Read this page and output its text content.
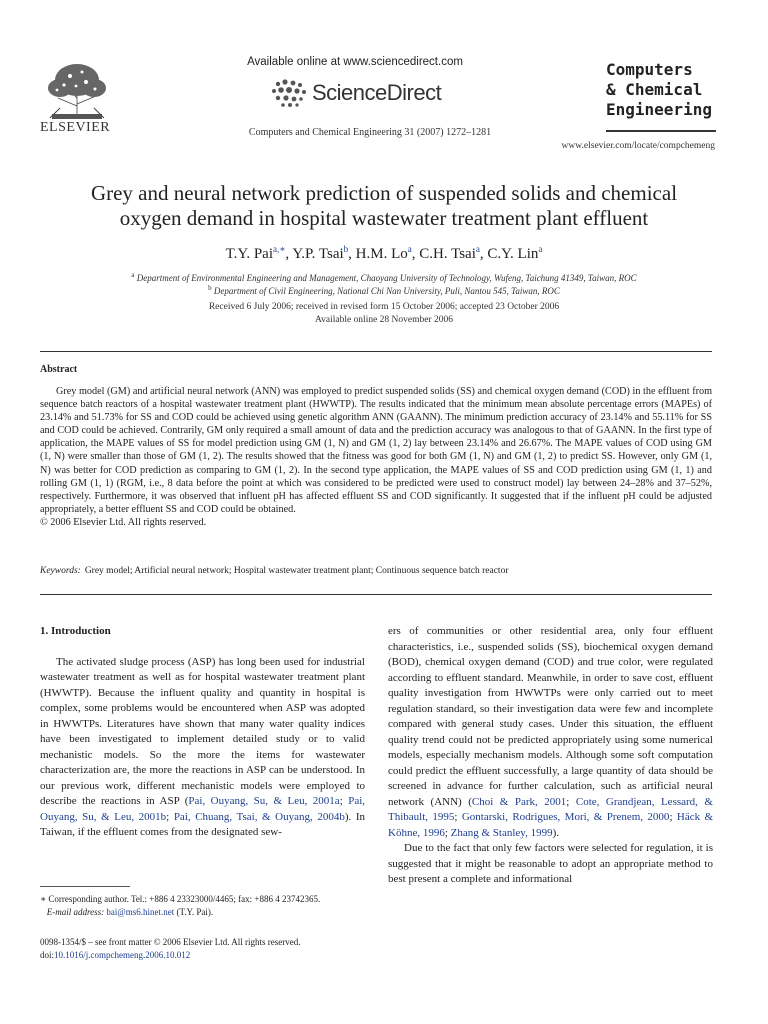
Available online at www.sciencedirect.com
ScienceDirect
ELSEVIER	Computers and Chemical Engineering 31 (2007) 1272–1281
Computers
& Chemical
Engineering
www.elsevier.com/locate/compchemeng
Grey and neural network prediction of suspended solids and chemical
oxygen demand in hospital wastewater treatment plant effluent
T.Y. Pai$^{a,∗}$, Y.P. Tsai$^b$, H.M. Lo$^a$, C.H. Tsai$^a$, C.Y. Lin$^a$
$^a$ Department of Environmental Engineering and Management, Chaoyang University of Technology, Wufeng, Taichung 41349, Taiwan, ROC
$^b$ Department of Civil Engineering, National Chi Nan University, Puli, Nantou 545, Taiwan, ROC
Received 6 July 2006; received in revised form 15 October 2006; accepted 23 October 2006
Available online 28 November 2006
Abstract

Grey model (GM) and artificial neural network (ANN) was employed to predict suspended solids (SS) and chemical oxygen demand (COD) in the effluent from sequence batch reactors of a hospital wastewater treatment plant (HWWTP). The results indicated that the minimum mean absolute percentage errors (MAPEs) of 23.14% and 51.73% for SS and COD could be achieved using genetic algorithm ANN (GAANN). The minimum prediction accuracy of 23.14% and 55.11% for SS and COD could be achieved. Contrarily, GM only required a small amount of data and the prediction accuracy was analogous to that of GAANN. In the first type of application, the MAPE values of SS for model prediction using GM (1, N) and GM (1, 2) lay between 23.14% and 26.67%. The MAPE values of COD using GM (1, N) were smaller than those of GM (1, 2). The results showed that the fitness was good for both GM (1, N) and GM (1, 2) to predict SS. However, only GM (1, N) was better for COD prediction as comparing to GM (1, 2). In the second type application, the MAPE values of SS and COD prediction using GM (1, 1) and rolling GM (1, 1) (RGM, i.e., 8 data before the point at which was considered to be predicted were used to construct model) lay between 24–28% and 37–52%, respectively. Furthermore, it was observed that influent pH has affected effluent SS and COD significantly. It suggested that if the influent pH could be adjusted appropriately, a better effluent SS and COD could be obtained.

© 2006 Elsevier Ltd. All rights reserved.

Keywords: Grey model; Artificial neural network; Hospital wastewater treatment plant; Continuous sequence batch reactor

1. Introduction

The activated sludge process (ASP) has long been used for industrial wastewater treatment as well as for hospital wastewater treatment plant (HWWTP). Because the influent quality and quantity in hospital is complex, some problems would be encountered when ASP was adopted in HWWTPs. Literatures have shown that many water quality indices have been investigated to implement detailed study or to valid mechanistic models. So the more the items for wastewater characterization are, the more the reactions in ASP can be understood. In our previous work, different mechanistic models were employed to describe the reactions in ASP (Pai, Ouyang, Su, & Leu, 2001a; Pai, Ouyang, Su, & Leu, 2001b; Pai, Chuang, Tsai, & Ouyang, 2004b). In Taiwan, if the effluent comes from the designated sew-

ers of communities or other residential area, only four effluent characteristics, i.e., suspended solids (SS), biochemical oxygen demand (BOD), chemical oxygen demand (COD) and true color, were regulated according to effluent standard. Meanwhile, in order to save cost, effluent quality investigation from HWWTPs were only carried out to meet regulation standard, so their investigation data were few and incomplete compared with general study cases. Under this situation, the effluent quality trend could not be predicted appropriately using some numerical models, especially mechanism models. Although some soft computation could predict the effluent successfully, a large quantity of data should be screened in advance for further calculation, such as artificial neural network (ANN) (Choi & Park, 2001; Cote, Grandjean, Lessard, & Thibault, 1995; Gontarski, Rodrigues, Mori, & Prenem, 2000; Häck & Köhne, 1996; Zhang & Stanley, 1999).

Due to the fact that only few factors were selected for regulation, it is suggested that it might be reasonable to adopt an appropriate method to best present a complete and informational

∗ Corresponding author. Tel.: +886 4 23323000/4465; fax: +886 4 23742365.

E-mail address: bai@ms6.hinet.net (T.Y. Pai).

0098-1354/$ – see front matter © 2006 Elsevier Ltd. All rights reserved.

doi:10.1016/j.compchemeng.2006.10.012
